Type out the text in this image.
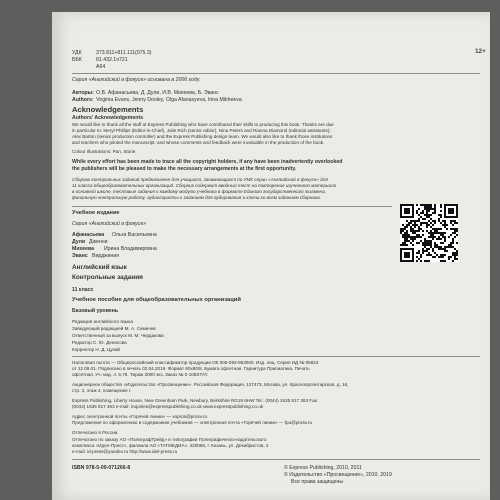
УДК	373.811+811.111(075.3)
ББК	81.432.1я721
А64
12+
Серия «Английский в фокусе» основана в 2006 году.
Авторы: О.В. Афанасьева, Д. Дули, И.В. Михеева, Б. Эванс
Authors: Virginia Evans, Jenny Dooley, Olga Afanasyeva, Irina Mikheeva
Acknowledgements
Authors' Acknowledgements
We would like to thank all the staff at Express Publishing who have contributed their skills to producing this book. Thanks are due
in particular to: Meryl Phillips (Editor-in-Chief), Julie Rich (senior editor), Nina Peters and Rianna Diamond (editorial assistants);
Alex Barton (senior production controller) and the Express Publishing design team. We would also like to thank those institutions
and teachers who piloted the manuscript, and whose comments and feedback were invaluable in the production of the book.
Colour Illustrations: Pan, Stone.
While every effort has been made to trace all the copyright holders, if any have been inadvertently overlooked
the publishers will be pleased to make the necessary arrangements at the first opportunity.
Сборник контрольных заданий предназначен для учащихся, занимающихся по УМК серии «Английский в фокусе» для
11 класса общеобразовательных организаций. Сборник содержит вводный тест на повторение изученного материала
в основной школе, тестовые задания к каждому модулю учебника в формате Единого государственного экзамена,
финальную контрольную работу, аудиоскрипты к заданиям для аудирования и ключи ко всем заданиям сборника.
Учебное издание
Серия «Английский в фокусе»
Афанасьева Ольга Васильевна
Дули Дженни
Михеева Ирина Владимировна
Эванс Вирджиния
Английский язык
Контрольные задания
11 класс
Учебное пособие для общеобразовательных организаций
Базовый уровень
Редакция английского языка
Заведующий редакцией М. А. Семичев
Ответственный за выпуск М. М. Чердакова
Редактор С. Ю. Денисова
Корректор Н. Д. Цухай

Налоговая льгота — Общероссийский классификатор продукции ОК 005-093-953000. Изд. лиц. Серия ИД № 05824
от 12.09.01. Подписано в печать 02.04.2019. Формат 60x90/8. Бумага офсетная. Гарнитура Прагматика. Печать
офсетная. Уч.-изд. л. 5,78. Тираж 3000 экз. Заказ № 0-108STAT.
Акционерное общество «Издательство «Просвещение». Российская Федерация, 127473, Москва, ул. Краснопролетарская, д. 16,
стр. 3, этаж 4, помещение I.
Express Publishing, Liberty House, New Greenham Park, Newbury, Berkshire RG19 6HW Tel.: (0044) 1635 817 363 Fax:
(0044) 1635 817 463 e-mail: inquiries@expresspublishing.co.uk www.expresspublishing.co.uk
Адрес электронной почты «Горячей линии» — vopros@prosv.ru
Предложения по оформлению и содержанию учебников — электронная почта «Горячей линии» — fpu@prosv.ru
Отпечатано в России.
Отпечатано по заказу АО «ПолиграфТрейд» в типографии Полиграфическо-издательского
комплекса «Идел-Пресс», филиала АО «ТАТМЕДИА». 420066, г. Казань, ул. Декабристов, 2
e-mail: id-press@yandex.ru http://www.idel-press.ru
ISBN 978-5-09-071266-8	© Express Publishing, 2010, 2011
© Издательство «Просвещение», 2010, 2019
Все права защищены
